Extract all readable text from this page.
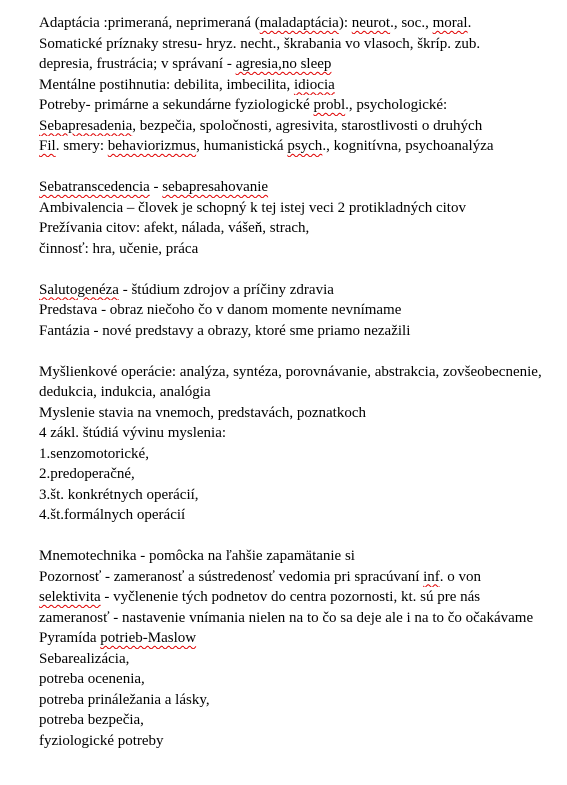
Adaptácia :primeraná, neprimeraná (maladaptácia): neurot., soc., moral.
Somatické príznaky stresu- hryz. necht., škrabania vo vlasoch, škríp. zub.
depresia, frustrácia; v správaní - agresia,no sleep
Mentálne postihnutia: debilita, imbecilita, idiocia
Potreby- primárne a sekundárne fyziologické probl., psychologické:
Sebapresadenia, bezpečia, spoločnosti, agresivita, starostlivosti o druhých
Fil. smery: behaviorizmus, humanistická psych., kognitívna, psychoanalýza
Sebatranscedencia - sebapresahovanie
Ambivalencia – človek je schopný k tej istej veci 2 protikladných citov
Prežívania citov: afekt, nálada, vášeň, strach,
činnosť: hra, učenie, práca
Salutogenéza - štúdium zdrojov a príčiny zdravia
Predstava - obraz niečoho čo v danom momente nevnímame
Fantázia - nové predstavy a obrazy, ktoré sme priamo nezažili
Myšlienkové operácie: analýza, syntéza, porovnávanie, abstrakcia, zovšeobecnenie,
dedukcia, indukcia, analógia
Myslenie stavia na vnemoch, predstavách, poznatkoch
4 zákl. štúdiá vývinu myslenia:
1.senzomotorické,
2.predoperačné,
3.št. konkrétnych operácií,
4.št.formálnych operácií
Mnemotechnika - pomôcka na ľahšie zapamätanie si
Pozornosť - zameranosť a sústredenosť vedomia pri spracúvaní inf. o von
selektivita - vyčlenenie tých podnetov do centra pozornosti, kt. sú pre nás
zameranosť - nastavenie vnímania nielen na to čo sa deje ale i na to čo očakávame
Pyramída potrieb-Maslow
Sebarealizácia,
potreba ocenenia,
potreba prináležania a lásky,
potreba bezpečia,
fyziologické potreby
